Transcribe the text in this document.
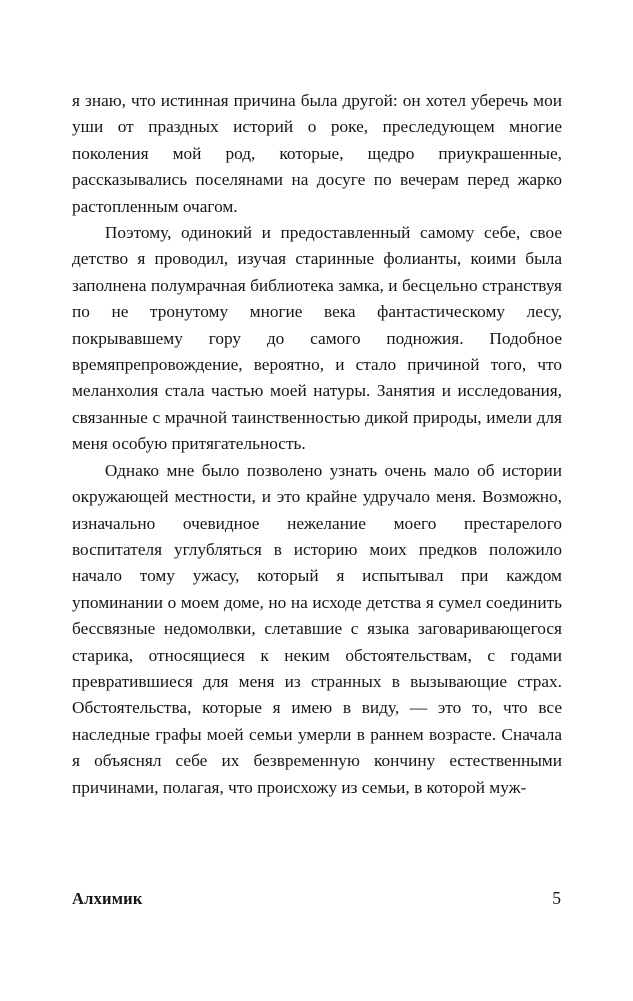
я знаю, что истинная причина была другой: он хотел уберечь мои уши от праздных историй о роке, преследующем многие поколения мой род, которые, щедро приукрашенные, рассказывались поселянами на досуге по вечерам перед жарко растопленным очагом.

Поэтому, одинокий и предоставленный самому себе, свое детство я проводил, изучая старинные фолианты, коими была заполнена полумрачная библиотека замка, и бесцельно странствуя по не тронутому многие века фантастическому лесу, покрывавшему гору до самого подножия. Подобное времяпрепровождение, вероятно, и стало причиной того, что меланхолия стала частью моей натуры. Занятия и исследования, связанные с мрачной таинственностью дикой природы, имели для меня особую притягательность.

Однако мне было позволено узнать очень мало об истории окружающей местности, и это крайне удручало меня. Возможно, изначально очевидное нежелание моего престарелого воспитателя углубляться в историю моих предков положило начало тому ужасу, который я испытывал при каждом упоминании о моем доме, но на исходе детства я сумел соединить бессвязные недомолвки, слетавшие с языка заговаривающегося старика, относящиеся к неким обстоятельствам, с годами превратившиеся для меня из странных в вызывающие страх. Обстоятельства, которые я имею в виду, — это то, что все наследные графы моей семьи умерли в раннем возрасте. Сначала я объяснял себе их безвременную кончину естественными причинами, полагая, что происхожу из семьи, в которой муж-

Алхимик	5
